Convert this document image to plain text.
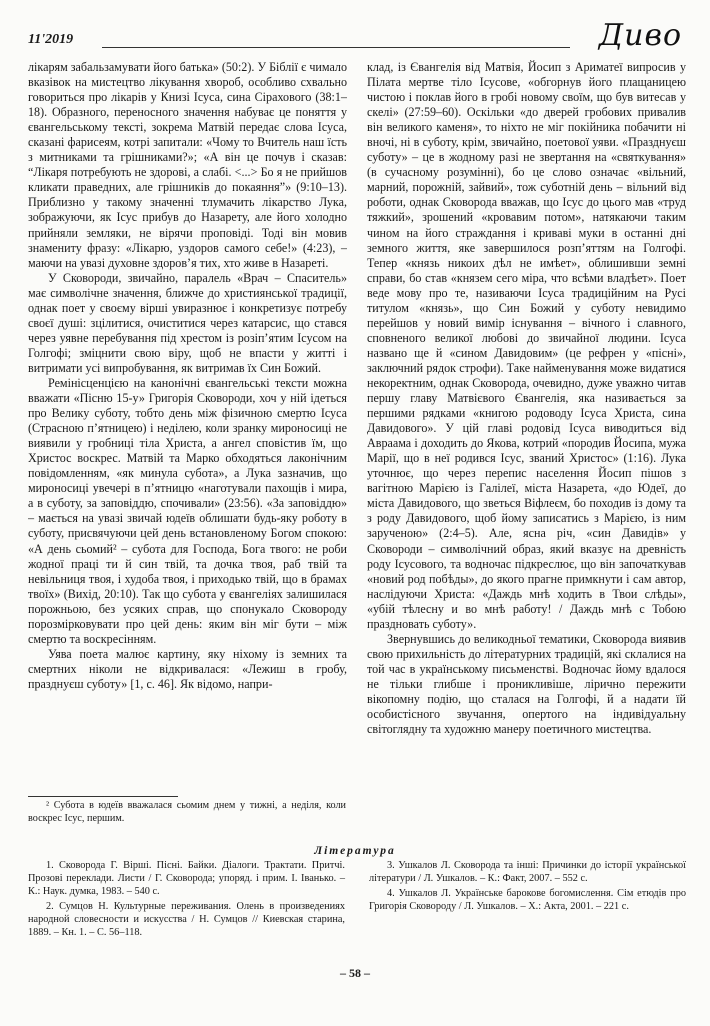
11'2019	Дивo

лікарям забальзамувати його батька» (50:2). У Біблії є чимало вказівок на мистецтво лікування хвороб, особливо схвально говориться про лікарів у Книзі Ісуса, сина Сірахового (38:1–18). Образного, переносного значення набуває це поняття у євангельському тексті, зокрема Матвій передає слова Ісуса, сказані фарисеям, котрі запитали: «Чому то Вчитель наш їсть з митниками та грішниками?»; «А він це почув і сказав: “Лікаря потребують не здорові, а слабі. <...> Бо я не прийшов кликати праведних, але грішників до покаяння”» (9:10–13). Приблизно у такому значенні тлумачить лікарство Лука, зображуючи, як Ісус прибув до Назарету, але його холодно прийняли земляки, не вірячи проповіді. Тоді він мовив знамениту фразу: «Лікарю, уздоров самого себе!» (4:23), – маючи на увазі духовне здоров’я тих, хто живе в Назареті.

У Сковороди, звичайно, паралель «Врач – Спаситель» має символічне значення, ближче до християнської традиції, однак поет у своєму вірші увиразнює і конкретизує потребу своєї душі: зцілитися, очиститися через катарсис, що стався через уявне перебування під хрестом із розіп’ятим Ісусом на Голгофі; зміцнити свою віру, щоб не впасти у житті і витримати усі випробування, як витримав їх Син Божий.

Ремінісценцією на канонічні євангельські тексти можна вважати «Пісню 15-у» Григорія Сковороди, хоч у ній ідеться про Велику суботу, тобто день між фізичною смертю Ісуса (Страсною п’ятницею) і неділею, коли зранку мироносиці не виявили у гробниці тіла Христа, а ангел сповістив їм, що Христос воскрес. Матвій та Марко обходяться лаконічним повідомленням, «як минула субота», а Лука зазначив, що мироносиці увечері в п’ятницю «нaготували пахощів і мира, а в суботу, за заповіддю, спочивали» (23:56). «За заповіддю» – мається на увазі звичай юдеїв облишати будь-яку роботу в суботу, присвячуючи цей день встановленому Богом спокою: «А день сьомий² – субота для Господа, Бога твого: не роби жодної праці ти й син твій, та дочка твоя, раб твій та невільниця твоя, і худоба твоя, і приходько твій, що в брамах твоїх» (Вихід, 20:10). Так що субота у євангеліях залишилася порожньою, без усяких справ, що спонукало Сковороду порозмірковувати про цей день: яким він міг бути – між смертю та воскресінням.

Уява поета малює картину, яку ніхому із земних та смертних ніколи не відкривалася: «Лежиш в гробу, празднуєш суботу» [1, с. 46]. Як відомо, напри-

клад, із Євангелія від Матвія, Йосип з Ариматеї випросив у Пілата мертве тіло Ісусове, «обгорнув його плащаницею чистою і поклав його в гробі новому своїм, що був витесав у скелі» (27:59–60). Оскільки «до дверей гробових привалив він великого каменя», то ніхто не міг покійника побачити ні вночі, ні в суботу, крім, звичайно, поетової уяви. «Празднуєш суботу» – це в жодному разі не звертання на «святкування» (в сучасному розумінні), бо це слово означає «вільний, марний, порожній, зайвий», тож суботній день – вільний від роботи, однак Сковорода вважав, що Ісус до цього мав «труд тяжкий», зрошений «кровавим потом», натякаючи таким чином на його страждання і криваві муки в останні дні земного життя, яке завершилося розп’яттям на Голгофі. Тепер «князь никоих дѣл не имѣет», облишивши земні справи, бо став «князем сего міра, что всѣми владѣет». Поет веде мову про те, називаючи Ісуса традиційним на Русі титулом «князь», що Син Божий у суботу невидимо перейшов у новий вимір існування – вічного і славного, сповненого великої любові до звичайної людини. Ісуса названо ще й «сином Давидовим» (це рефрен у «пісні», заключний рядок строфи). Таке найменування може видатися некоректним, однак Сковорода, очевидно, дуже уважно читав першу главу Матвієвого Євангелія, яка називається за першими рядками «книгою родоводу Ісуса Христа, сина Давидового». У цій главі родовід Ісуса виводиться від Авраама і доходить до Якова, котрий «породив Йосипа, мужа Марії, що в неї родився Ісус, званий Христос» (1:16). Лука уточнює, що через перепис населення Йосип пішов з вагітною Марією із Галілеї, міста Назарета, «до Юдеї, до міста Давидового, що зветься Віфлеєм, бо походив із дому та з роду Давидового, щоб йому записатись з Марією, із ним зарученою» (2:4–5). Але, ясна річ, «син Давидів» у Сковороди – символічний образ, який вказує на древність роду Ісусового, та водночас підкреслює, що він започаткував «новий род побѣды», до якого прагне примкнути і сам автор, наслідуючи Христа: «Даждь мнѣ ходить в Твои слѣды», «убій тѣлесну и во мнѣ работу! / Даждь мнѣ с Тобою праздновать суботу».

Звернувшись до великодньої тематики, Сковорода виявив свою прихильність до літературних традицій, які склалися на той час в українському письменстві. Водночас йому вдалося не тільки глибше і проникливіше, лірично пережити вікопомну подію, що сталася на Голгофі, й а надати їй особистісного звучання, опертого на індивідуальну світоглядну та художню манеру поетичного мистецтва.

² Субота в юдеїв вважалася сьомим днем у тижні, а неділя, коли воскрес Ісус, першим.
Література

1. Сковорода Г. Вірші. Пісні. Байки. Діалоги. Трактати. Притчі. Прозові переклади. Листи / Г. Сковорода; упоряд. і прим. І. Іванько. – К.: Наук. думка, 1983. – 540 с.

2. Сумцов Н. Культурные переживания. Олень в произведениях народной словесности и искусства / Н. Сумцов // Киевская старина, 1889. – Кн. 1. – С. 56–118.

3. Ушкалов Л. Сковорода та інші: Причинки до історії української літератури / Л. Ушкалов. – К.: Факт, 2007. – 552 с.

4. Ушкалов Л. Українське барокове богомислення. Сім етюдів про Григорія Сковороду / Л. Ушкалов. – Х.: Акта, 2001. – 221 с.

– 58 –
